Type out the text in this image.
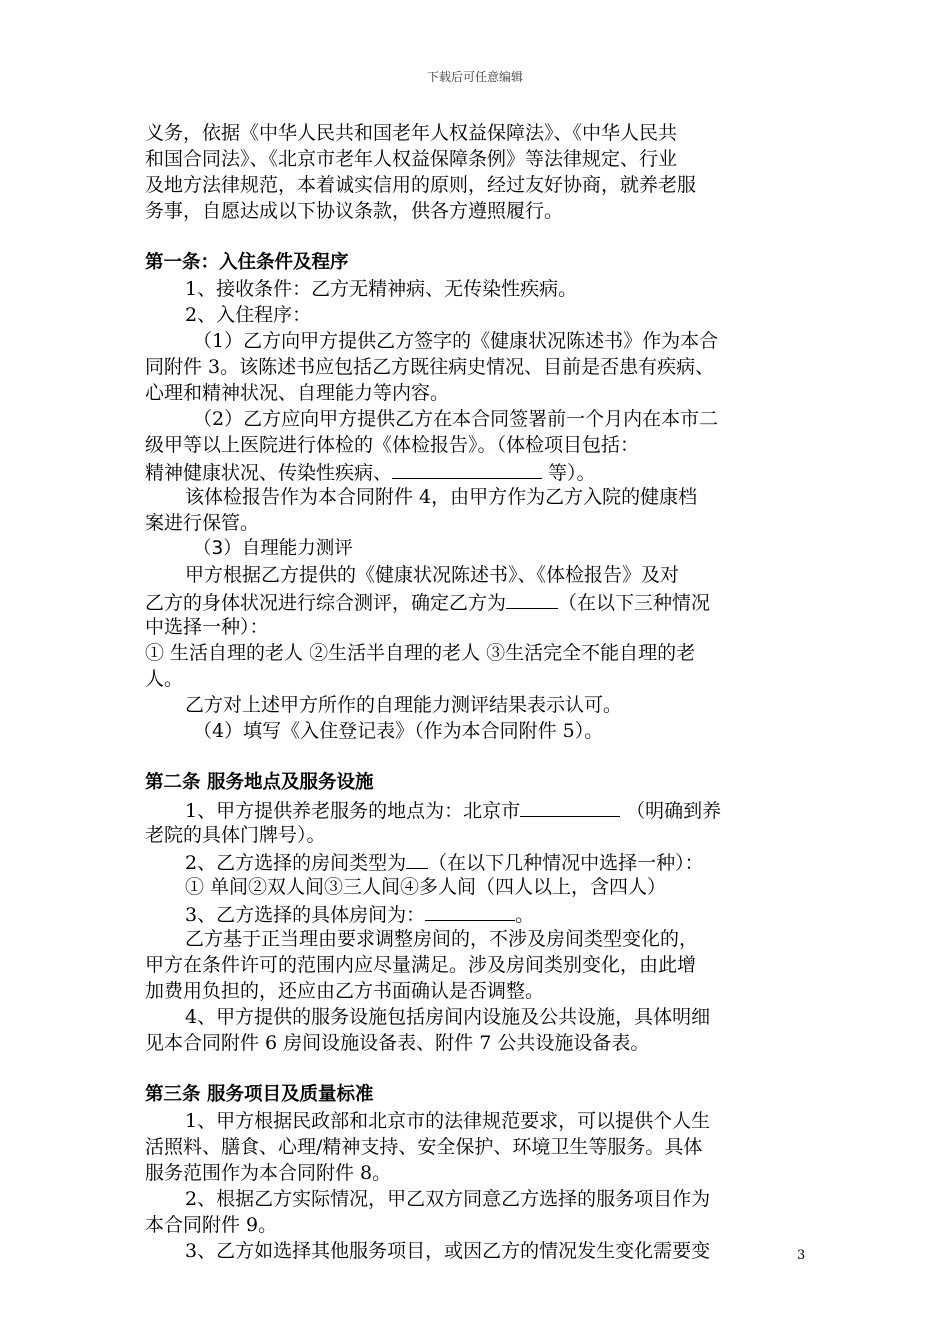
下载后可任意编辑
义务，依据《中华人民共和国老年人权益保障法》、《中华人民共
和国合同法》、《北京市老年人权益保障条例》等法律规定、行业
及地方法律规范，本着诚实信用的原则，经过友好协商，就养老服
务事，自愿达成以下协议条款，供各方遵照履行。
第一条：入住条件及程序
1、接收条件：乙方无精神病、无传染性疾病。
2、入住程序：
（1）乙方向甲方提供乙方签字的《健康状况陈述书》作为本合
同附件 3。该陈述书应包括乙方既往病史情况、目前是否患有疾病、
心理和精神状况、自理能力等内容。
（2）乙方应向甲方提供乙方在本合同签署前一个月内在本市二
级甲等以上医院进行体检的《体检报告》。（体检项目包括：
精神健康状况、传染性疾病、	等）。
该体检报告作为本合同附件 4，由甲方作为乙方入院的健康档
案进行保管。
（3）自理能力测评
甲方根据乙方提供的《健康状况陈述书》、《体检报告》及对
乙方的身体状况进行综合测评，确定乙方为	（在以下三种情况
中选择一种）：
① 生活自理的老人 ②生活半自理的老人 ③生活完全不能自理的老
人。
乙方对上述甲方所作的自理能力测评结果表示认可。
（4）填写《入住登记表》（作为本合同附件 5）。
第二条 服务地点及服务设施
1、甲方提供养老服务的地点为：北京市	（明确到养
老院的具体门牌号）。
2、乙方选择的房间类型为 （在以下几种情况中选择一种）：
① 单间②双人间③三人间④多人间（四人以上，含四人）
3、乙方选择的具体房间为：	。
乙方基于正当理由要求调整房间的，不涉及房间类型变化的，
甲方在条件许可的范围内应尽量满足。涉及房间类别变化，由此增
加费用负担的，还应由乙方书面确认是否调整。
4、甲方提供的服务设施包括房间内设施及公共设施，具体明细
见本合同附件 6 房间设施设备表、附件 7 公共设施设备表。
第三条 服务项目及质量标准
1、甲方根据民政部和北京市的法律规范要求，可以提供个人生
活照料、膳食、心理/精神支持、安全保护、环境卫生等服务。具体
服务范围作为本合同附件 8。
2、根据乙方实际情况，甲乙双方同意乙方选择的服务项目作为
本合同附件 9。
3、乙方如选择其他服务项目，或因乙方的情况发生变化需要变	3
